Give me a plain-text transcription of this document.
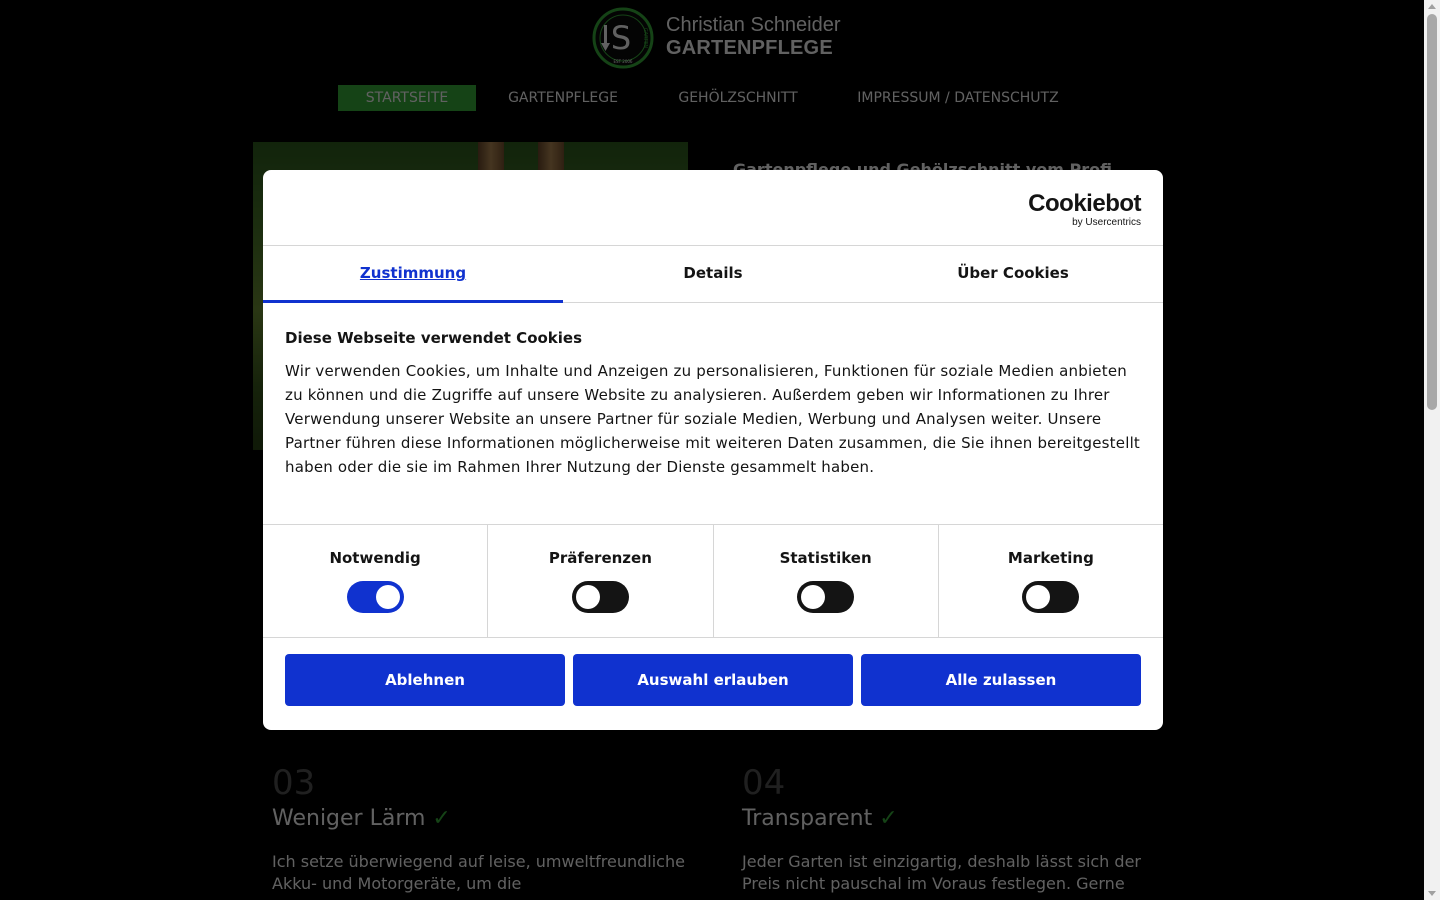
Cookiebot
by Usercentrics
Zustimmung	Details	Über Cookies
Diese Webseite verwendet Cookies

Wir verwenden Cookies, um Inhalte und Anzeigen zu personalisieren, Funktionen für soziale Medien anbieten zu können und die Zugriffe auf unsere Website zu analysieren. Außerdem geben wir Informationen zu Ihrer Verwendung unserer Website an unsere Partner für soziale Medien, Werbung und Analysen weiter. Unsere Partner führen diese Informationen möglicherweise mit weiteren Daten zusammen, die Sie ihnen bereitgestellt haben oder die sie im Rahmen Ihrer Nutzung der Dienste gesammelt haben.

Notwendig	Präferenzen	Statistiken	Marketing
Ablehnen	Auswahl erlauben	Alle zulassen
